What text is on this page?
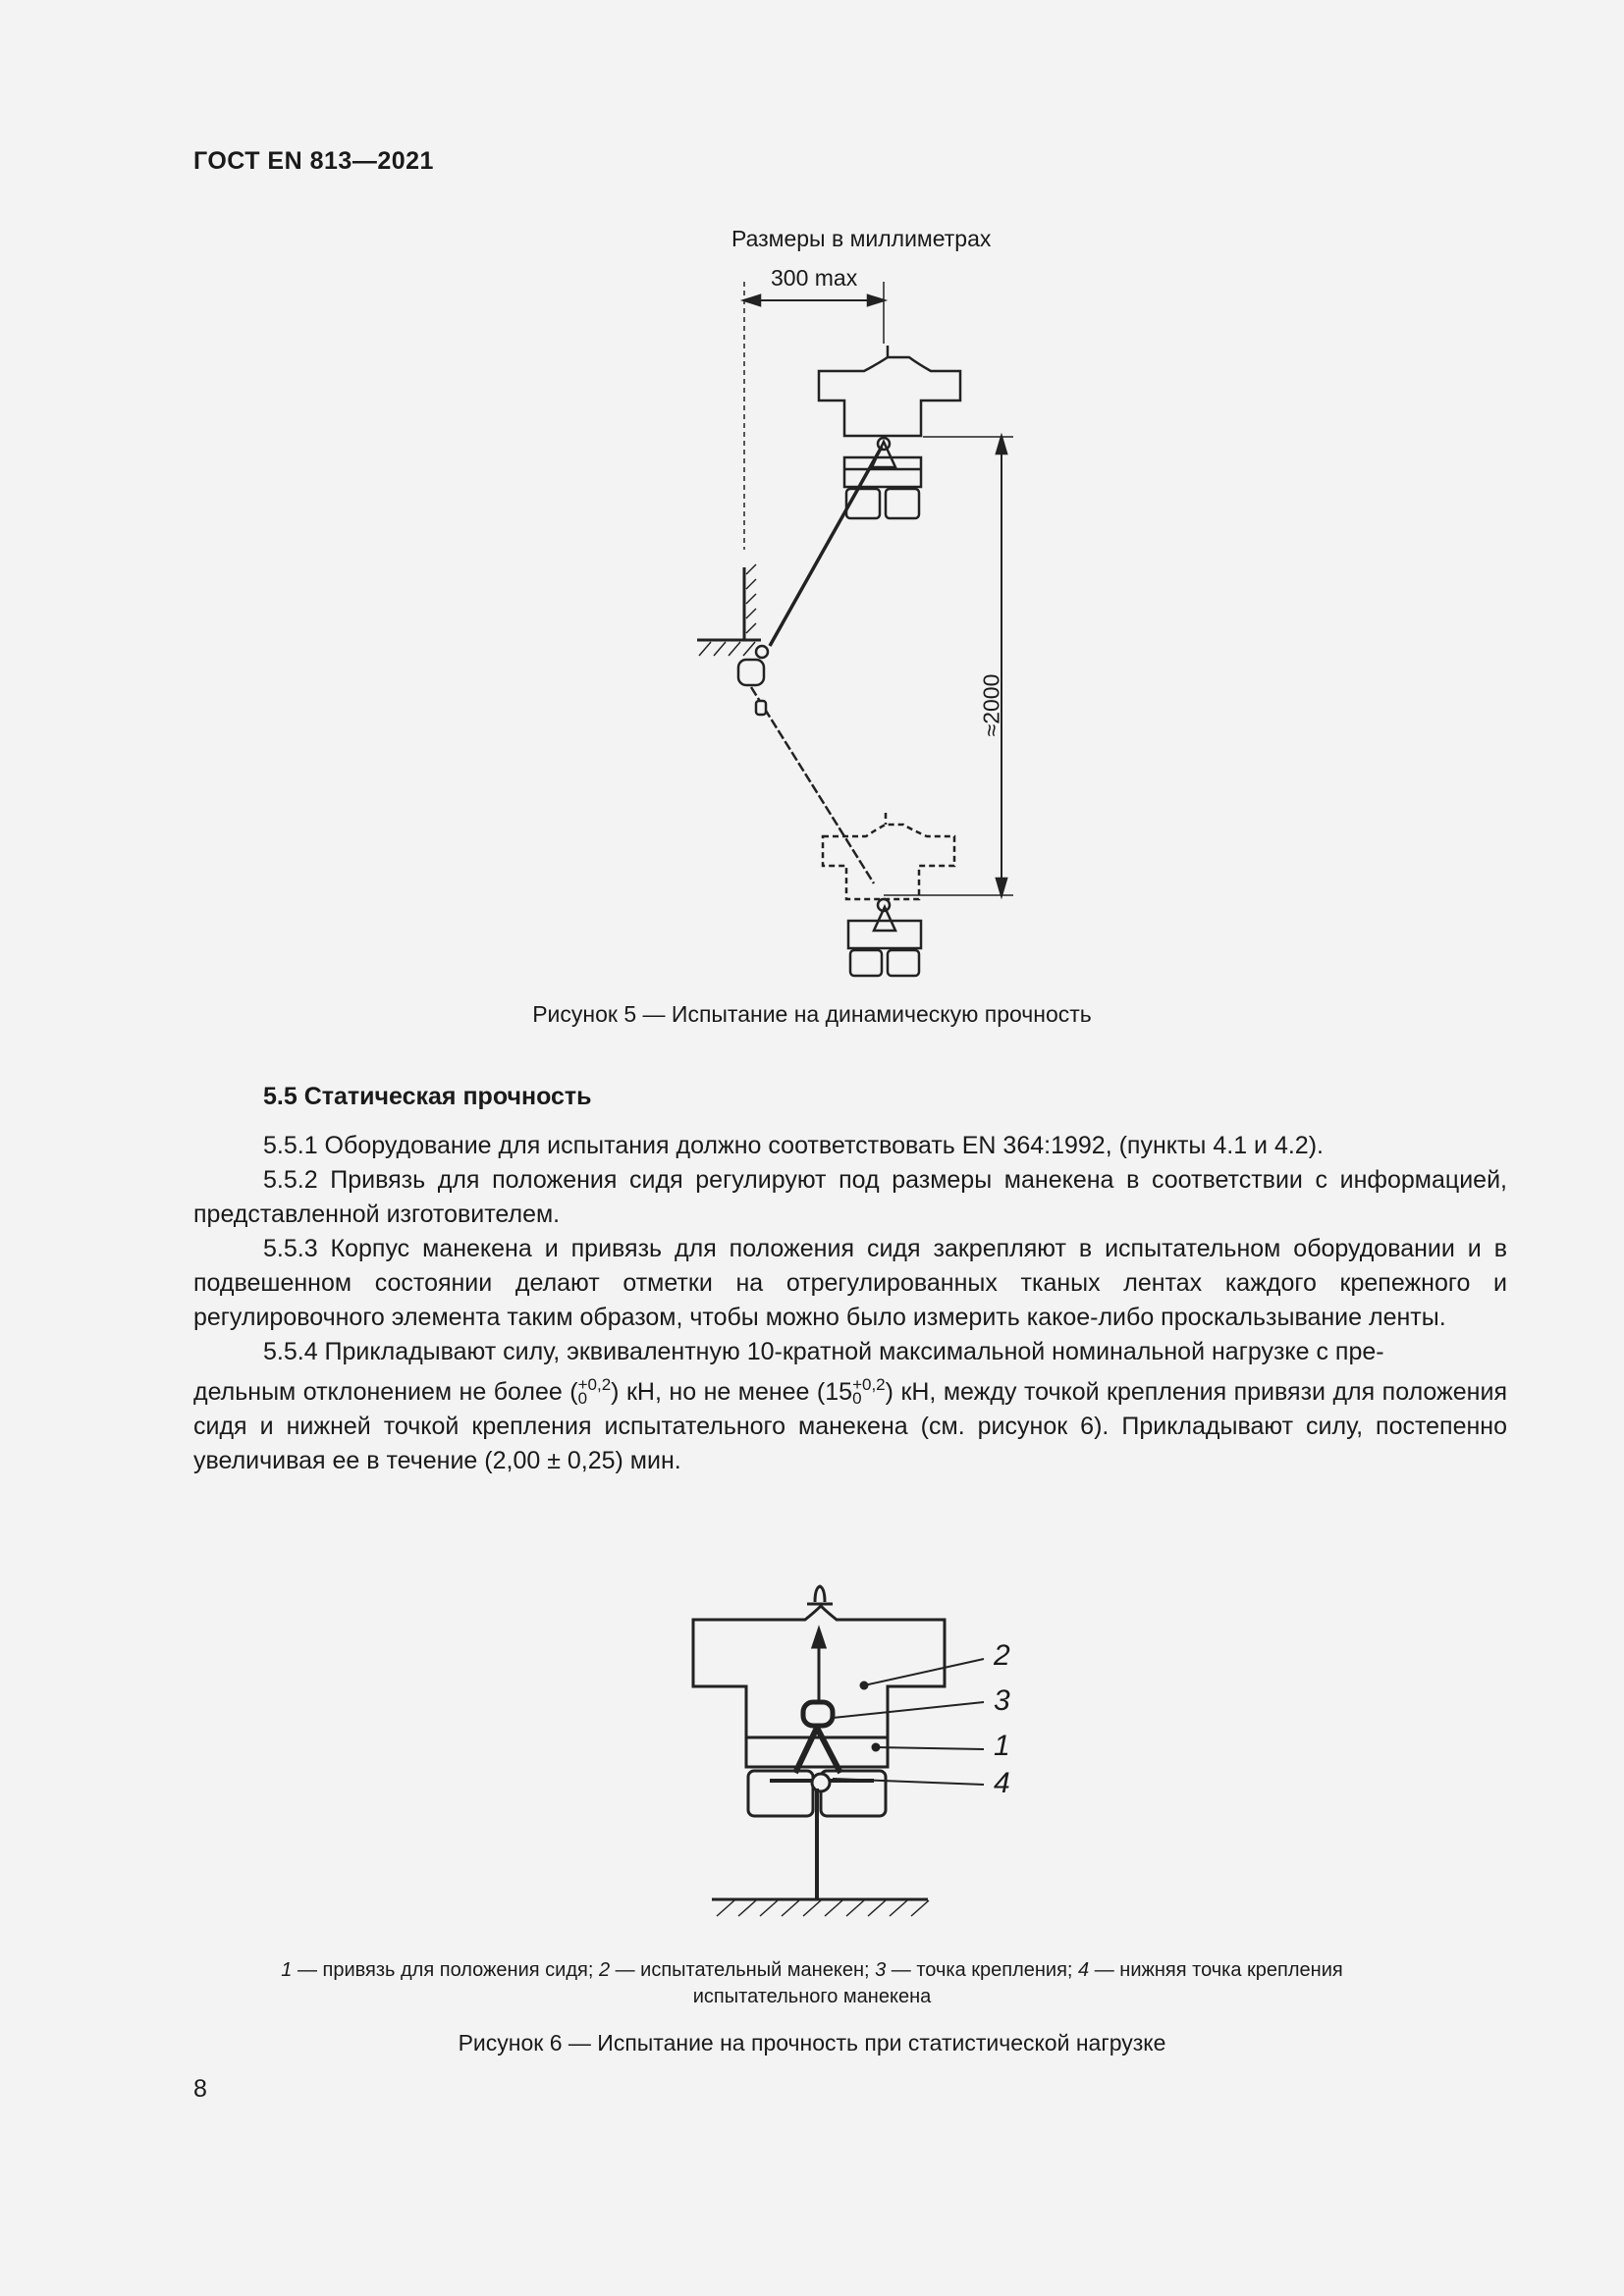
ГОСТ EN 813—2021
Размеры в миллиметрах
300 max
≈2000
Рисунок 5 — Испытание на динамическую прочность
5.5 Статическая прочность

5.5.1 Оборудование для испытания должно соответствовать EN 364:1992, (пункты 4.1 и 4.2).

5.5.2 Привязь для положения сидя регулируют под размеры манекена в соответствии с информацией, представленной изготовителем.

5.5.3 Корпус манекена и привязь для положения сидя закрепляют в испытательном оборудовании и в подвешенном состоянии делают отметки на отрегулированных тканых лентах каждого крепежного и регулировочного элемента таким образом, чтобы можно было измерить какое-либо проскальзывание ленты.

5.5.4 Прикладывают силу, эквивалентную 10-кратной максимальной номинальной нагрузке с пре-

дельным отклонением не более ( +0,2
0 ) кН, но не менее (15 +0,2
0 ) кН, между точкой крепления привязи для положения сидя и нижней точкой крепления испытательного манекена (см. рисунок 6). Прикладывают силу, постепенно увеличивая ее в течение (2,00 ± 0,25) мин.

2
3
1
4
1 — привязь для положения сидя; 2 — испытательный манекен; 3 — точка крепления; 4 — нижняя точка крепления испытательного манекена
Рисунок 6 — Испытание на прочность при статистической нагрузке
8
